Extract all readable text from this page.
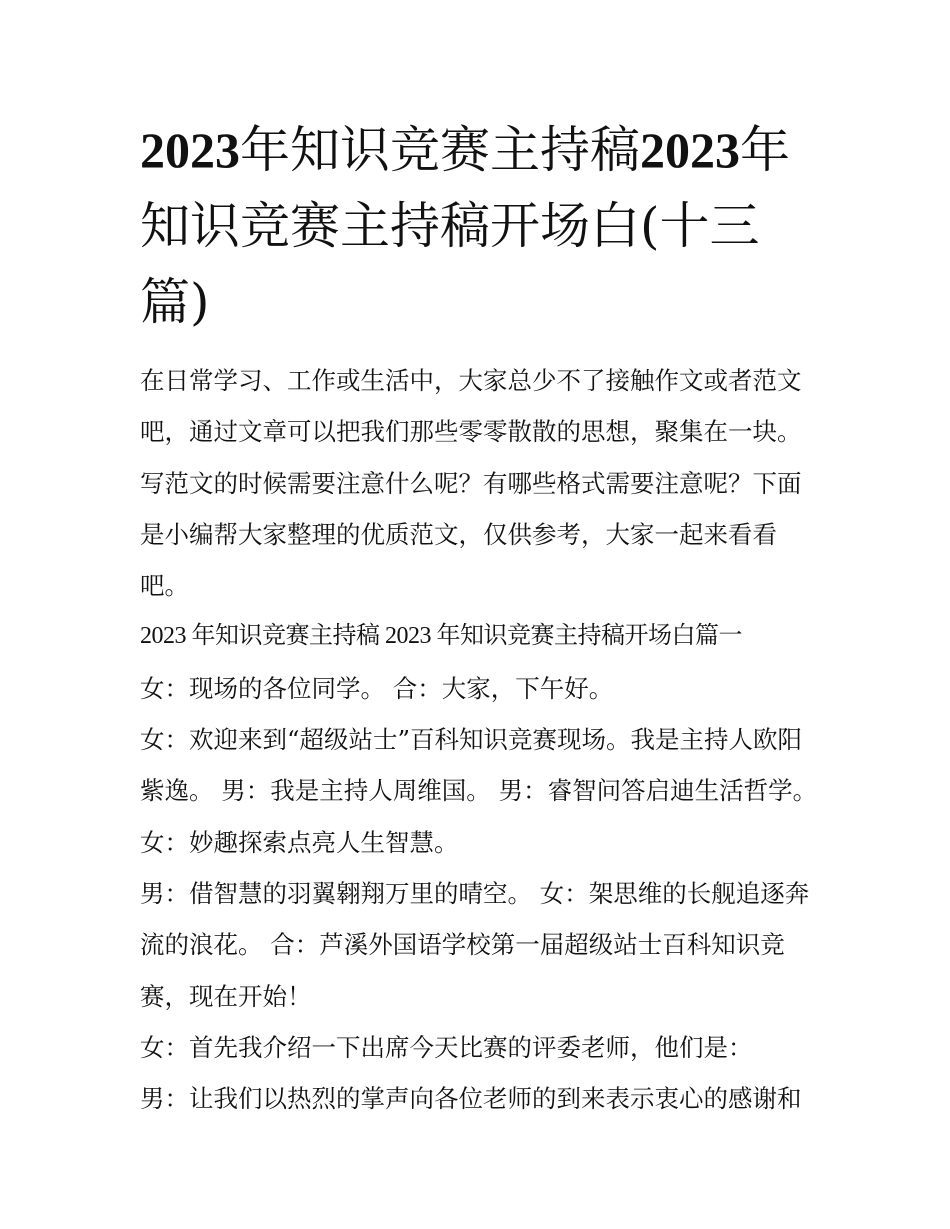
2023年知识竞赛主持稿2023年知识竞赛主持稿开场白(十三篇)

在日常学习、工作或生活中，大家总少不了接触作文或者范文吧，通过文章可以把我们那些零零散散的思想，聚集在一块。写范文的时候需要注意什么呢？有哪些格式需要注意呢？下面是小编帮大家整理的优质范文，仅供参考，大家一起来看看吧。

2023 年知识竞赛主持稿 2023 年知识竞赛主持稿开场白篇一

女：现场的各位同学。 合：大家，下午好。

女：欢迎来到“超级站士”百科知识竞赛现场。我是主持人欧阳紫逸。 男：我是主持人周维国。 男：睿智问答启迪生活哲学。 女：妙趣探索点亮人生智慧。

男：借智慧的羽翼翱翔万里的晴空。 女：架思维的长舰追逐奔流的浪花。 合：芦溪外国语学校第一届超级站士百科知识竞赛，现在开始！

女：首先我介绍一下出席今天比赛的评委老师，他们是：

男：让我们以热烈的掌声向各位老师的到来表示衷心的感谢和
